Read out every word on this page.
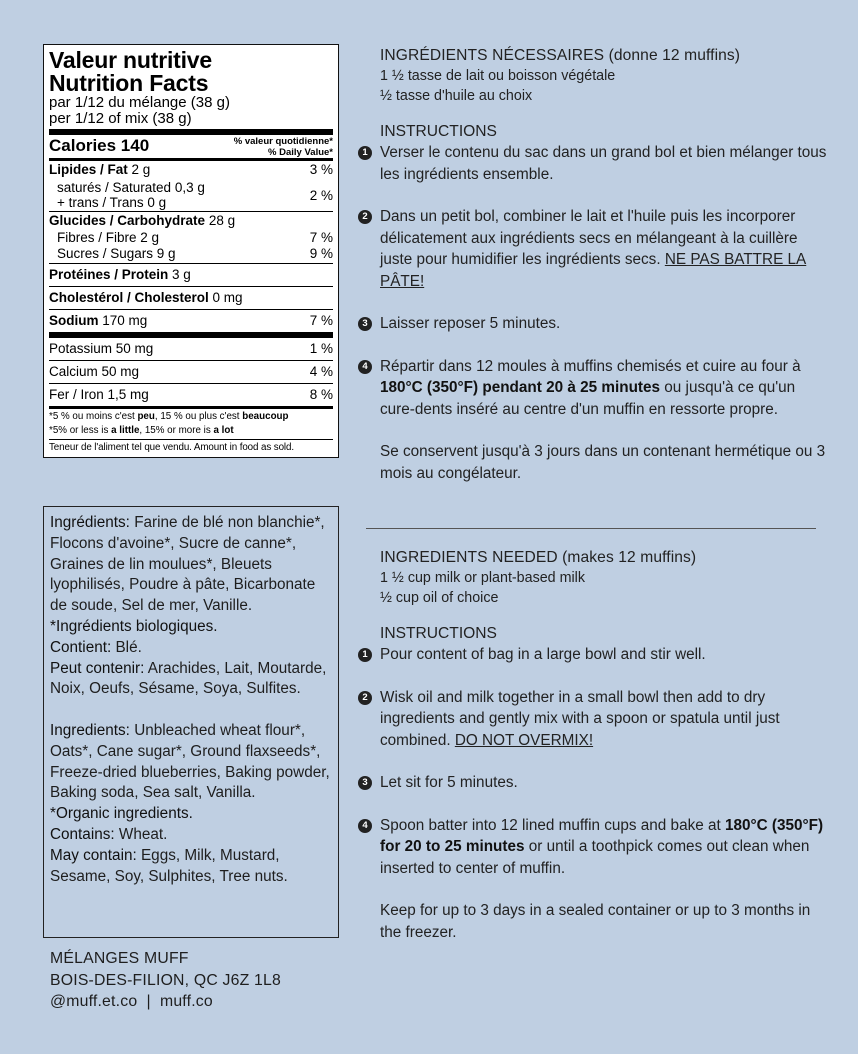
Valeur nutritive
Nutrition Facts
par 1/12 du mélange (38 g)
per 1/12 of mix (38 g)
Calories 140	% valeur quotidienne*
% Daily Value*
Lipides / Fat 2 g	3 %
saturés / Saturated 0,3 g
+ trans / Trans 0 g	2 %
Glucides / Carbohydrate 28 g
Fibres / Fibre 2 g	7 %
Sucres / Sugars 9 g	9 %
Protéines / Protein 3 g
Cholestérol / Cholesterol 0 mg
Sodium 170 mg	7 %
Potassium 50 mg	1 %
Calcium 50 mg	4 %
Fer / Iron 1,5 mg	8 %
*5 % ou moins c'est peu, 15 % ou plus c'est beaucoup
*5% or less is a little, 15% or more is a lot
Teneur de l'aliment tel que vendu. Amount in food as sold.

Ingrédients: Farine de blé non blanchie*, Flocons d'avoine*, Sucre de canne*, Graines de lin moulues*, Bleuets lyophilisés, Poudre à pâte, Bicarbonate de soude, Sel de mer, Vanille. *Ingrédients biologiques.

Contient: Blé.

Peut contenir: Arachides, Lait, Moutarde, Noix, Oeufs, Sésame, Soya, Sulfites.

Ingredients: Unbleached wheat flour*, Oats*, Cane sugar*, Ground flaxseeds*, Freeze-dried blueberries, Baking powder, Baking soda, Sea salt, Vanilla.

*Organic ingredients.

Contains: Wheat.

May contain: Eggs, Milk, Mustard, Sesame, Soy, Sulphites, Tree nuts.

MÉLANGES MUFF
BOIS-DES-FILION, QC J6Z 1L8
@muff.et.co  |  muff.co
INGRÉDIENTS NÉCESSAIRES (donne 12 muffins)
1 ½ tasse de lait ou boisson végétale
½ tasse d'huile au choix
INSTRUCTIONS
1 Verser le contenu du sac dans un grand bol et bien mélanger tous les ingrédients ensemble.
2 Dans un petit bol, combiner le lait et l'huile puis les incorporer délicatement aux ingrédients secs en mélangeant à la cuillère juste pour humidifier les ingrédients secs. NE PAS BATTRE LA PÂTE!
3 Laisser reposer 5 minutes.
4 Répartir dans 12 moules à muffins chemisés et cuire au four à 180°C (350°F) pendant 20 à 25 minutes ou jusqu'à ce qu'un cure-dents inséré au centre d'un muffin en ressorte propre.
Se conservent jusqu'à 3 jours dans un contenant hermétique ou 3 mois au congélateur.
INGREDIENTS NEEDED (makes 12 muffins)
1 ½ cup milk or plant-based milk
½ cup oil of choice
INSTRUCTIONS
1 Pour content of bag in a large bowl and stir well.
2 Wisk oil and milk together in a small bowl then add to dry ingredients and gently mix with a spoon or spatula until just combined. DO NOT OVERMIX!
3 Let sit for 5 minutes.
4 Spoon batter into 12 lined muffin cups and bake at 180°C (350°F) for 20 to 25 minutes or until a toothpick comes out clean when inserted to center of muffin.
Keep for up to 3 days in a sealed container or up to 3 months in the freezer.
